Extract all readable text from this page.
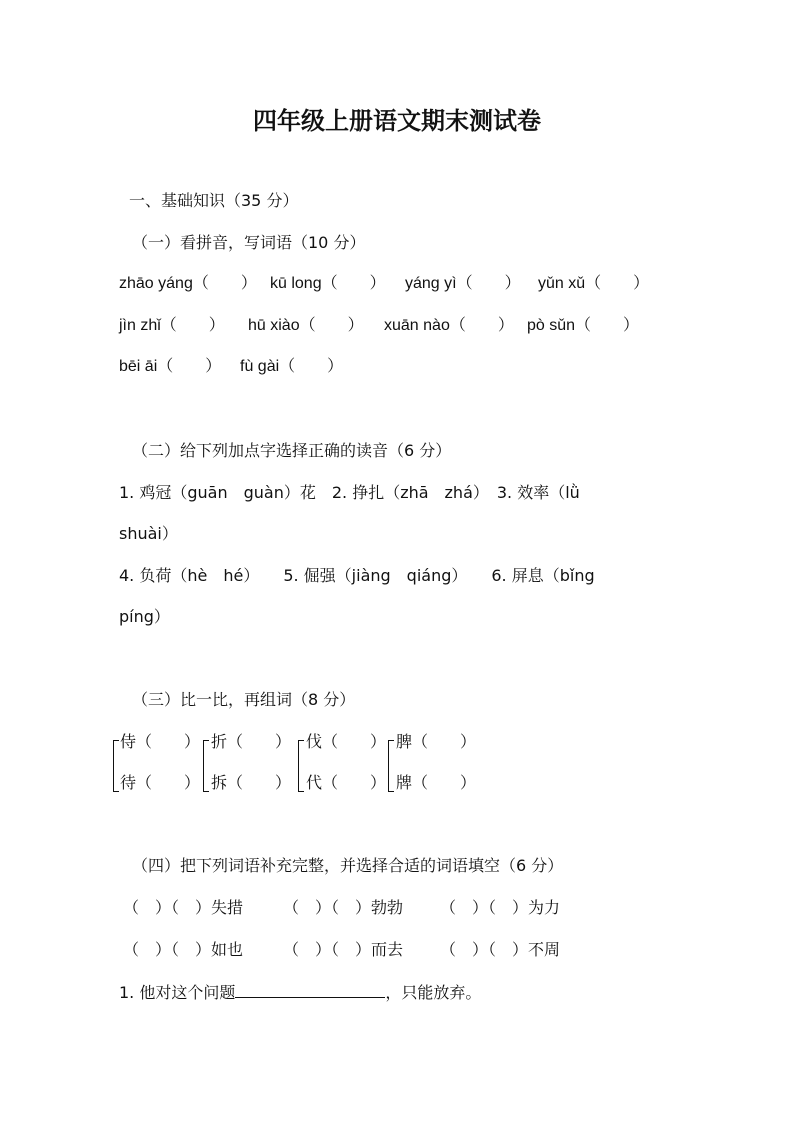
四年级上册语文期末测试卷
一、基础知识（35 分）
（一）看拼音，写词语（10 分）
zhāo yáng（　　） kū long（　　） yáng yì（　　） yǔn xǔ（　　）
jìn zhǐ（　　） hū xiào（　　） xuān nào（　　） pò sǔn（　　）
bēi āi（　　） fù gài（　　）
（二）给下列加点字选择正确的读音（6 分）
1. 鸡冠（guān　guàn）花　2. 挣扎（zhā　zhá）　3. 效率（lǜ
shuài）
4. 负荷（hè　hé）　　5. 倔强（jiàng　qiáng）　　6. 屏息（bǐng
píng）
（三）比一比，再组词（8 分）
侍（　　）
待（　　）
折（　　）
拆（　　）
伐（　　）
代（　　）
脾（　　）
牌（　　）
（四）把下列词语补充完整，并选择合适的词语填空（6 分）
（　）（　）失措 （　）（　）勃勃 （　）（　）为力
（　）（　）如也 （　）（　）而去 （　）（　）不周
1. 他对这个问题	，只能放弃。
